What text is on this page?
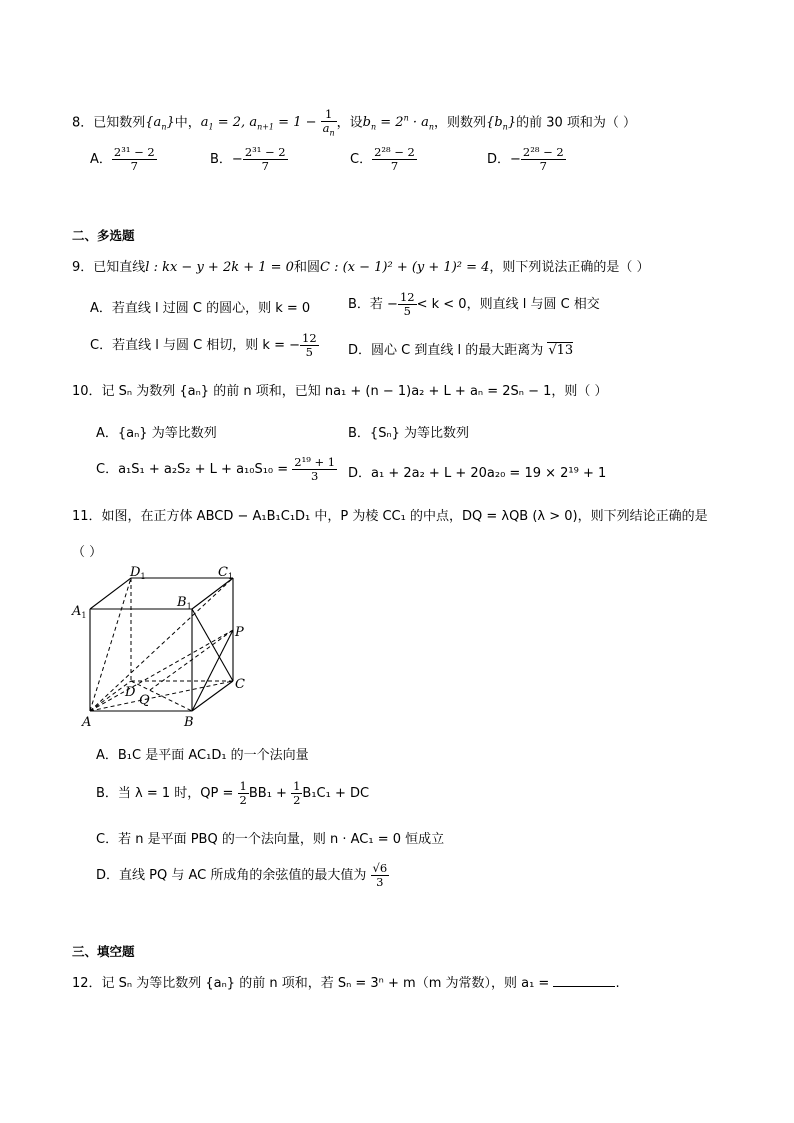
8．已知数列$\{a_n\}$中，$a_1 = 2$, $a_{n+1} = 1 - \frac{1}{a_n}$ ，设$b_n = 2^n \cdot a_n$，则数列$\{b_n\}$的前 30 项和为（ ）
A． $\frac{\text{2³¹ − 2}}{7}$	B．− $\frac{\text{2³¹ − 2}}{7}$	C． $\frac{\text{2²⁸ − 2}}{7}$	D．− $\frac{\text{2²⁸ − 2}}{7}$
二、多选题
9．已知直线l : kx − y + 2k + 1 = 0和圆C : (x − 1)² + (y + 1)² = 4，则下列说法正确的是（ ）
A．若直线 l 过圆 C 的圆心，则 k = 0	B．若 − $\frac{12}{5} < k < 0$，则直线 l 与圆 C 相交
C．若直线 l 与圆 C 相切，则 k = − $\frac{12}{5}$ D．圆心 C 到直线 l 的最大距离为 √13
10．记 Sₙ 为数列 {aₙ} 的前 n 项和，已知 na₁ + (n − 1)a₂ + L + aₙ = 2Sₙ − 1，则（ ）
A．{aₙ} 为等比数列	B．{Sₙ} 为等比数列
C．$a_1S_1 + a_2S_2 + L + a_{10}S_{10} = \frac{\text{2¹⁹ + 1}}{3}$ D．a₁ + 2a₂ + L + 20a₂₀ = 19 × 2¹⁹ + 1
11．如图，在正方体 ABCD − A₁B₁C₁D₁ 中，P 为棱 CC₁ 的中点，DQ = λQB (λ > 0)，则下列结论正确的是
（ ）
$D_1$	$C_1$
$A_1$
$B_1$
P
C
D
Q
A	B
A．B₁C 是平面 AC₁D₁ 的一个法向量
B．当 λ = 1 时，QP = $\frac{1}{2} BB_1 + \frac{1}{2} B_1C_1$ + DC
C．若 n 是平面 PBQ 的一个法向量，则 n · AC₁ = 0 恒成立
D．直线 PQ 与 AC 所成角的余弦值的最大值为 $\frac{√6}{3}$
三、填空题
12．记 Sₙ 为等比数列 {aₙ} 的前 n 项和，若 Sₙ = 3ⁿ + m（m 为常数），则 a₁ =	.
